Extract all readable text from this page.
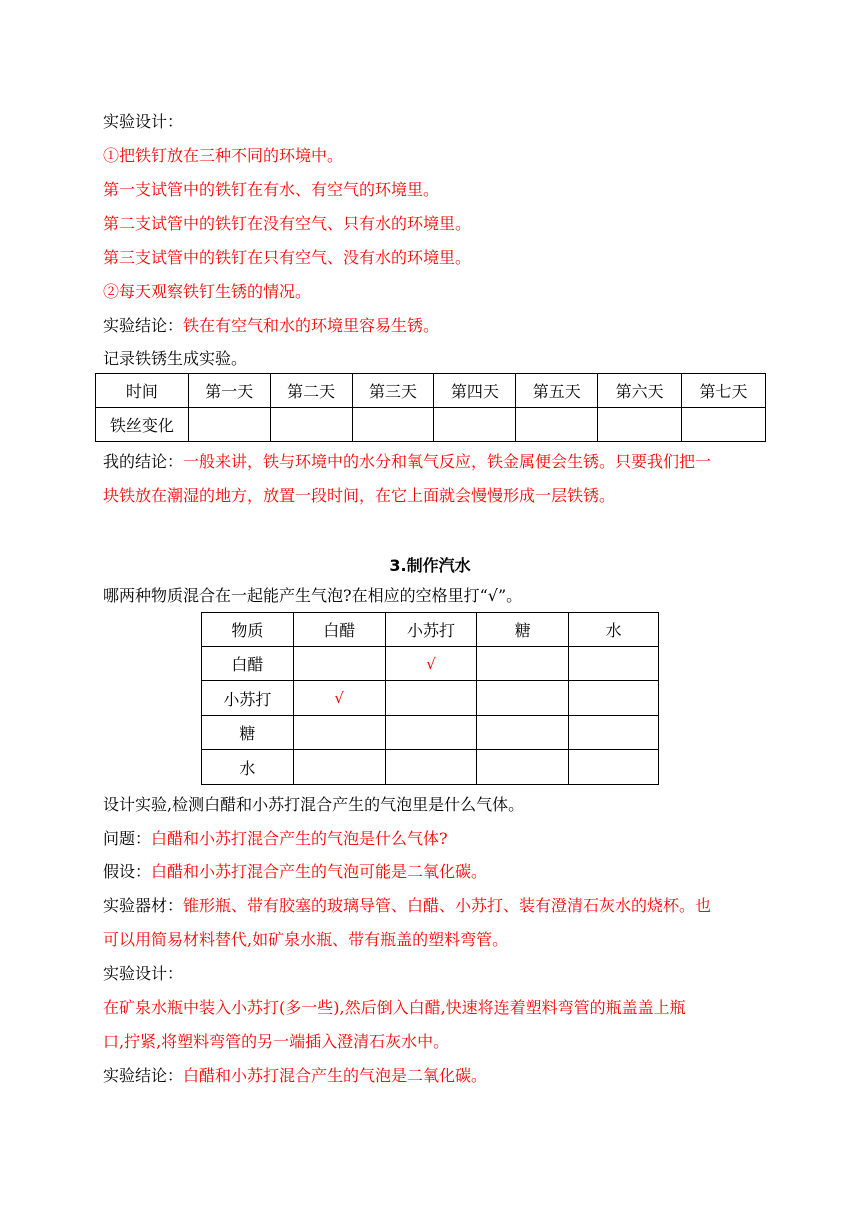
实验设计：
①把铁钉放在三种不同的环境中。
第一支试管中的铁钉在有水、有空气的环境里。
第二支试管中的铁钉在没有空气、只有水的环境里。
第三支试管中的铁钉在只有空气、没有水的环境里。
②每天观察铁钉生锈的情况。
实验结论：铁在有空气和水的环境里容易生锈。
记录铁锈生成实验。
时间	第一天	第二天	第三天	第四天	第五天	第六天	第七天
铁丝变化							
我的结论：一般来讲，铁与环境中的水分和氧气反应，铁金属便会生锈。只要我们把一
块铁放在潮湿的地方，放置一段时间，在它上面就会慢慢形成一层铁锈。
3.制作汽水
哪两种物质混合在一起能产生气泡?在相应的空格里打“√”。
物质	白醋	小苏打	糖	水
白醋		√		
小苏打	√			
糖				
水				
设计实验,检测白醋和小苏打混合产生的气泡里是什么气体。
问题：白醋和小苏打混合产生的气泡是什么气体?
假设：白醋和小苏打混合产生的气泡可能是二氧化碳。
实验器材：锥形瓶、带有胶塞的玻璃导管、白醋、小苏打、装有澄清石灰水的烧杯。也
可以用简易材料替代,如矿泉水瓶、带有瓶盖的塑料弯管。
实验设计：
在矿泉水瓶中装入小苏打(多一些),然后倒入白醋,快速将连着塑料弯管的瓶盖盖上瓶
口,拧紧,将塑料弯管的另一端插入澄清石灰水中。
实验结论：白醋和小苏打混合产生的气泡是二氧化碳。
